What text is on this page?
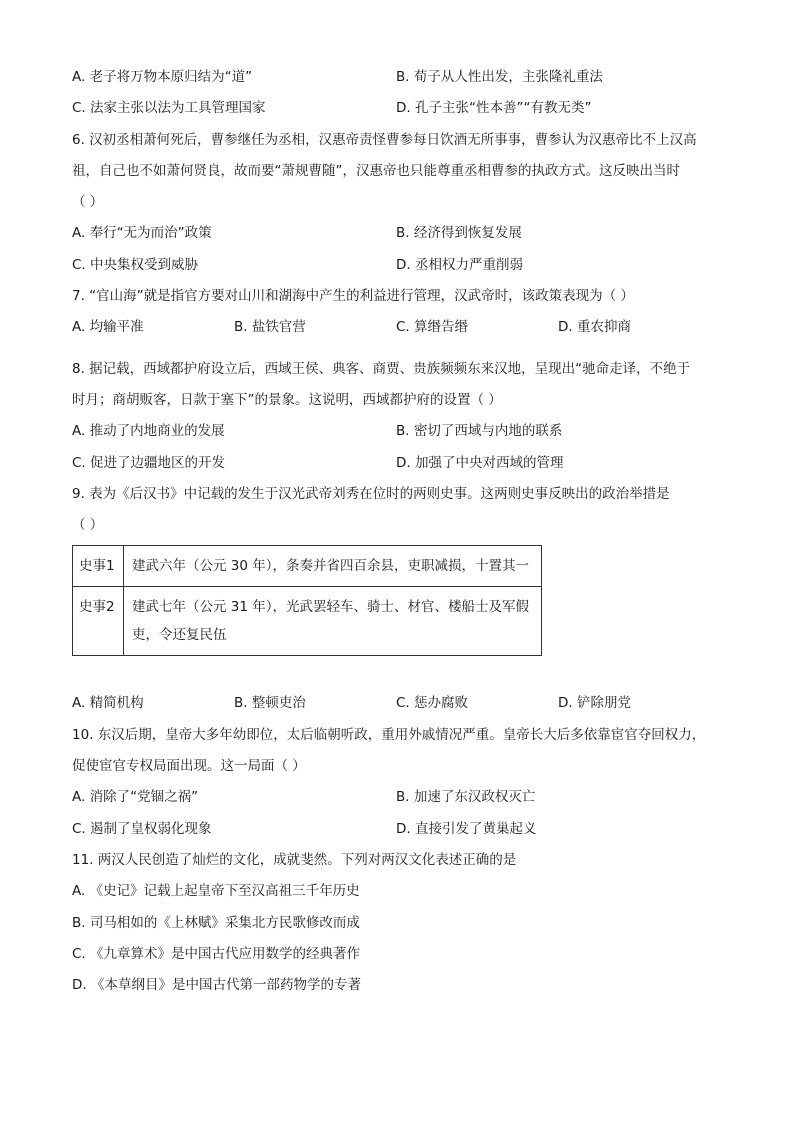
A. 老子将万物本原归结为“道”	B. 荀子从人性出发，主张隆礼重法
C. 法家主张以法为工具管理国家	D. 孔子主张“性本善”“有教无类”
6. 汉初丞相萧何死后，曹参继任为丞相，汉惠帝责怪曹参每日饮酒无所事事，曹参认为汉惠帝比不上汉高
祖，自己也不如萧何贤良，故而要“萧规曹随”，汉惠帝也只能尊重丞相曹参的执政方式。这反映出当时
（ ）
A. 奉行“无为而治”政策	B. 经济得到恢复发展
C. 中央集权受到威胁	D. 丞相权力严重削弱
7. “官山海”就是指官方要对山川和湖海中产生的利益进行管理，汉武帝时，该政策表现为（ ）
A. 均输平准	B. 盐铁官营	C. 算缗告缗	D. 重农抑商
8. 据记载，西域都护府设立后，西域王侯、典客、商贾、贵族频频东来汉地，呈现出“驰命走译，不绝于
时月；商胡贩客，日款于塞下”的景象。这说明，西域都护府的设置（ ）
A. 推动了内地商业的发展	B. 密切了西域与内地的联系
C. 促进了边疆地区的开发	D. 加强了中央对西域的管理
9. 表为《后汉书》中记载的发生于汉光武帝刘秀在位时的两则史事。这两则史事反映出的政治举措是
（ ）
史事1	建武六年（公元 30 年），条奏并省四百余县，吏职减损，十置其一
史事2	建武七年（公元 31 年），光武罢轻车、骑士、材官、楼船士及军假吏，令还复民伍
A. 精简机构	B. 整顿吏治	C. 惩办腐败	D. 铲除朋党
10. 东汉后期，皇帝大多年幼即位，太后临朝听政，重用外戚情况严重。皇帝长大后多依靠宦官夺回权力，
促使宦官专权局面出现。这一局面（ ）
A. 消除了“党锢之祸”	B. 加速了东汉政权灭亡
C. 遏制了皇权弱化现象	D. 直接引发了黄巢起义
11. 两汉人民创造了灿烂的文化，成就斐然。下列对两汉文化表述正确的是
A. 《史记》记载上起皇帝下至汉高祖三千年历史
B. 司马相如的《上林赋》采集北方民歌修改而成
C. 《九章算术》是中国古代应用数学的经典著作
D. 《本草纲目》是中国古代第一部药物学的专著
